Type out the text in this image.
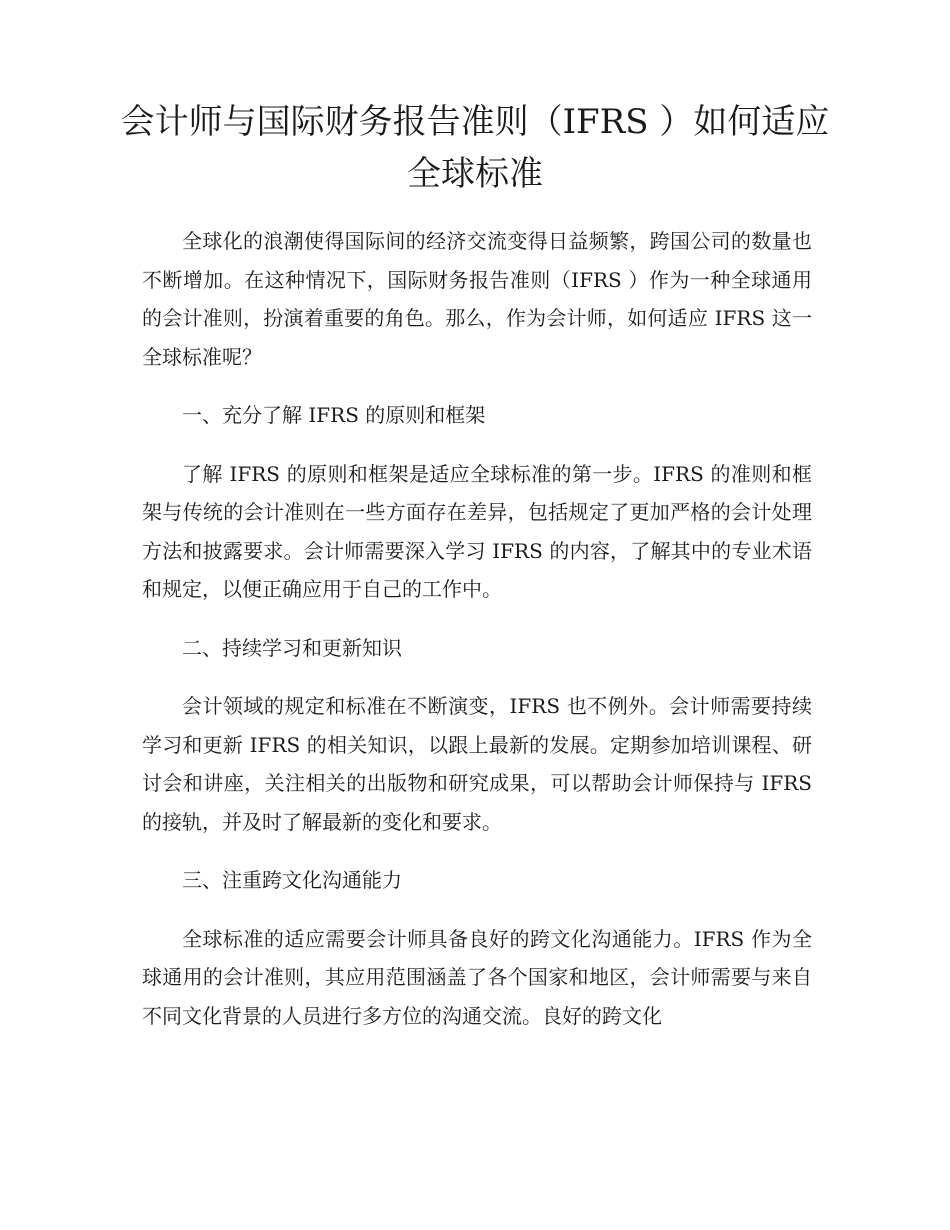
会计师与国际财务报告准则（IFRS ）如何适应全球标准

全球化的浪潮使得国际间的经济交流变得日益频繁，跨国公司的数量也不断增加。在这种情况下，国际财务报告准则（IFRS ）作为一种全球通用的会计准则，扮演着重要的角色。那么，作为会计师，如何适应 IFRS 这一全球标准呢？

一、充分了解 IFRS 的原则和框架

了解 IFRS 的原则和框架是适应全球标准的第一步。IFRS 的准则和框架与传统的会计准则在一些方面存在差异，包括规定了更加严格的会计处理方法和披露要求。会计师需要深入学习 IFRS 的内容，了解其中的专业术语和规定，以便正确应用于自己的工作中。

二、持续学习和更新知识

会计领域的规定和标准在不断演变，IFRS 也不例外。会计师需要持续学习和更新 IFRS 的相关知识，以跟上最新的发展。定期参加培训课程、研讨会和讲座，关注相关的出版物和研究成果，可以帮助会计师保持与 IFRS 的接轨，并及时了解最新的变化和要求。

三、注重跨文化沟通能力

全球标准的适应需要会计师具备良好的跨文化沟通能力。IFRS 作为全球通用的会计准则，其应用范围涵盖了各个国家和地区，会计师需要与来自不同文化背景的人员进行多方位的沟通交流。良好的跨文化
